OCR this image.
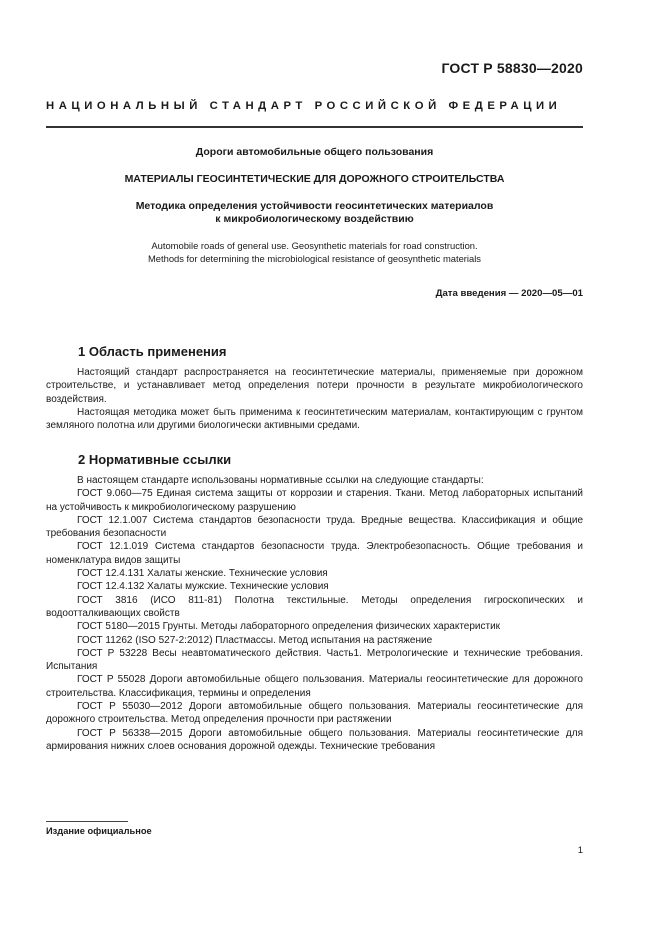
ГОСТ Р 58830—2020
НАЦИОНАЛЬНЫЙ СТАНДАРТ РОССИЙСКОЙ ФЕДЕРАЦИИ
Дороги автомобильные общего пользования
МАТЕРИАЛЫ ГЕОСИНТЕТИЧЕСКИЕ ДЛЯ ДОРОЖНОГО СТРОИТЕЛЬСТВА
Методика определения устойчивости геосинтетических материалов
к микробиологическому воздействию
Automobile roads of general use. Geosynthetic materials for road construction.
Methods for determining the microbiological resistance of geosynthetic materials
Дата введения — 2020—05—01
1 Область применения

Настоящий стандарт распространяется на геосинтетические материалы, применяемые при дорожном строительстве, и устанавливает метод определения потери прочности в результате микробиологического воздействия.

Настоящая методика может быть применима к геосинтетическим материалам, контактирующим с грунтом земляного полотна или другими биологически активными средами.

2 Нормативные ссылки

В настоящем стандарте использованы нормативные ссылки на следующие стандарты:

ГОСТ 9.060—75 Единая система защиты от коррозии и старения. Ткани. Метод лабораторных испытаний на устойчивость к микробиологическому разрушению

ГОСТ 12.1.007 Система стандартов безопасности труда. Вредные вещества. Классификация и общие требования безопасности

ГОСТ 12.1.019 Система стандартов безопасности труда. Электробезопасность. Общие требования и номенклатура видов защиты

ГОСТ 12.4.131 Халаты женские. Технические условия

ГОСТ 12.4.132 Халаты мужские. Технические условия

ГОСТ 3816 (ИСО 811-81) Полотна текстильные. Методы определения гигроскопических и водоотталкивающих свойств

ГОСТ 5180—2015 Грунты. Методы лабораторного определения физических характеристик

ГОСТ 11262 (ISO 527-2:2012) Пластмассы. Метод испытания на растяжение

ГОСТ Р 53228 Весы неавтоматического действия. Часть1. Метрологические и технические требования. Испытания

ГОСТ Р 55028 Дороги автомобильные общего пользования. Материалы геосинтетические для дорожного строительства. Классификация, термины и определения

ГОСТ Р 55030—2012 Дороги автомобильные общего пользования. Материалы геосинтетические для дорожного строительства. Метод определения прочности при растяжении

ГОСТ Р 56338—2015 Дороги автомобильные общего пользования. Материалы геосинтетические для армирования нижних слоев основания дорожной одежды. Технические требования

Издание официальное
1
